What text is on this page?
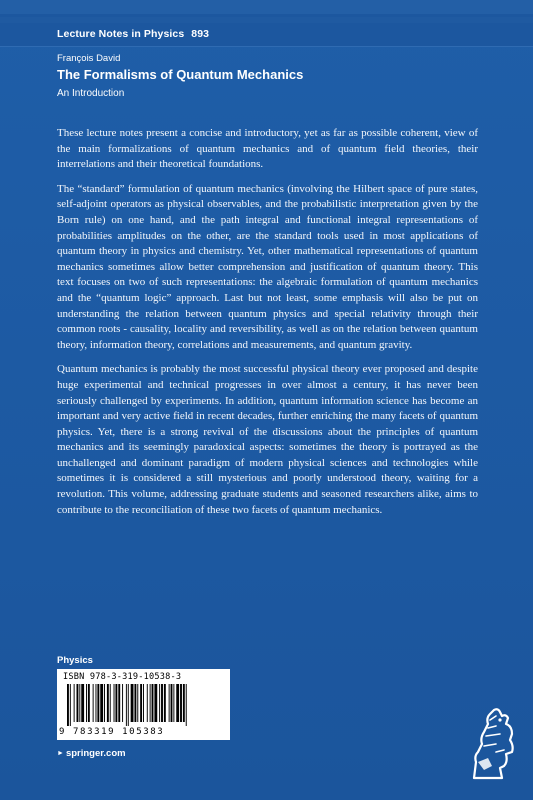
Lecture Notes in Physics 893
François David
The Formalisms of Quantum Mechanics
An Introduction

These lecture notes present a concise and introductory, yet as far as possible coherent, view of the main formalizations of quantum mechanics and of quantum field theories, their interrelations and their theoretical foundations.

The “standard” formulation of quantum mechanics (involving the Hilbert space of pure states, self-adjoint operators as physical observables, and the probabilistic interpretation given by the Born rule) on one hand, and the path integral and functional integral representations of probabilities amplitudes on the other, are the standard tools used in most applications of quantum theory in physics and chemistry. Yet, other mathematical representations of quantum mechanics sometimes allow better comprehension and justification of quantum theory. This text focuses on two of such representations: the algebraic formulation of quantum mechanics and the “quantum logic” approach. Last but not least, some emphasis will also be put on understanding the relation between quantum physics and special relativity through their common roots - causality, locality and reversibility, as well as on the relation between quantum theory, information theory, correlations and measurements, and quantum gravity.

Quantum mechanics is probably the most successful physical theory ever proposed and despite huge experimental and technical progresses in over almost a century, it has never been seriously challenged by experiments. In addition, quantum information science has become an important and very active field in recent decades, further enriching the many facets of quantum physics. Yet, there is a strong revival of the discussions about the principles of quantum mechanics and its seemingly paradoxical aspects: sometimes the theory is portrayed as the unchallenged and dominant paradigm of modern physical sciences and technologies while sometimes it is considered a still mysterious and poorly understood theory, waiting for a revolution. This volume, addressing graduate students and seasoned researchers alike, aims to contribute to the reconciliation of these two facets of quantum mechanics.

Physics
ISBN 978-3-319-10538-3
9 783319 105383
► springer.com
